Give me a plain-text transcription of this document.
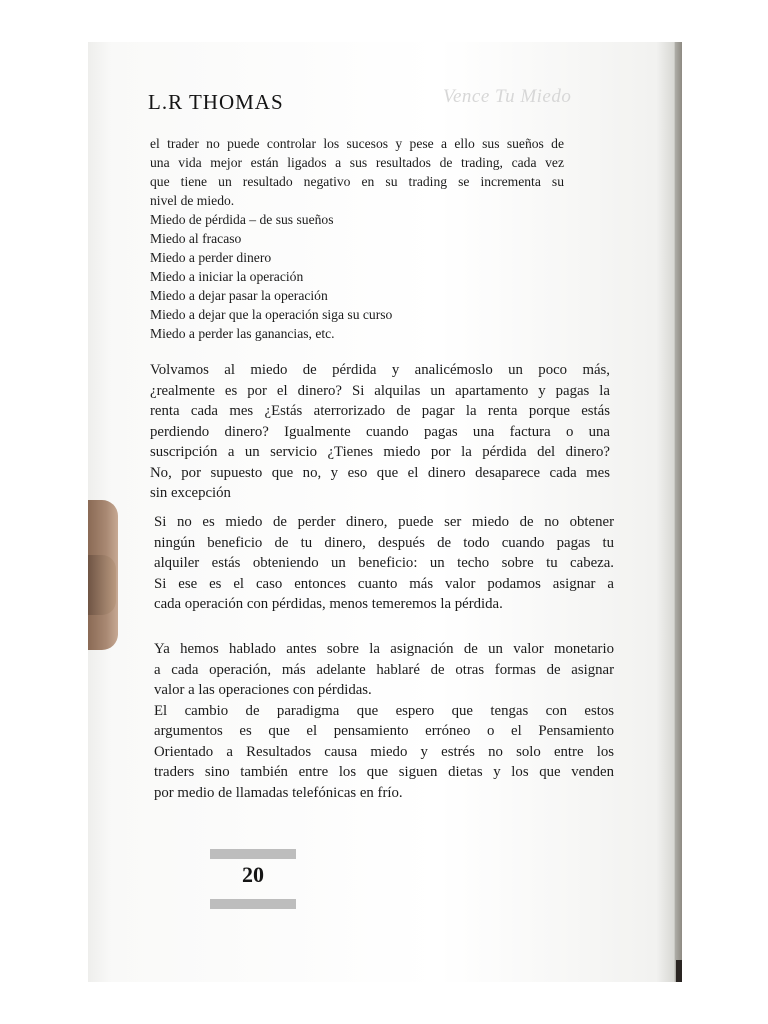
Vence Tu Miedo
L.R THOMAS
el trader no puede controlar los sucesos y pese a ello sus sueños de
una vida mejor están ligados a sus resultados de trading, cada vez
que tiene un resultado negativo en su trading se incrementa su
nivel de miedo.
Miedo de pérdida – de sus sueños
Miedo al fracaso
Miedo a perder dinero
Miedo a iniciar la operación
Miedo a dejar pasar la operación
Miedo a dejar que la operación siga su curso
Miedo a perder las ganancias, etc.
Volvamos al miedo de pérdida y analicémoslo un poco más,
¿realmente es por el dinero? Si alquilas un apartamento y pagas la
renta cada mes ¿Estás aterrorizado de pagar la renta porque estás
perdiendo dinero? Igualmente cuando pagas una factura o una
suscripción a un servicio ¿Tienes miedo por la pérdida del dinero?
No, por supuesto que no, y eso que el dinero desaparece cada mes
sin excepción
Si no es miedo de perder dinero, puede ser miedo de no obtener
ningún beneficio de tu dinero, después de todo cuando pagas tu
alquiler estás obteniendo un beneficio: un techo sobre tu cabeza.
Si ese es el caso entonces cuanto más valor podamos asignar a
cada operación con pérdidas, menos temeremos la pérdida.
Ya hemos hablado antes sobre la asignación de un valor monetario
a cada operación, más adelante hablaré de otras formas de asignar
valor a las operaciones con pérdidas.
El cambio de paradigma que espero que tengas con estos
argumentos es que el pensamiento erróneo o el Pensamiento
Orientado a Resultados causa miedo y estrés no solo entre los
traders sino también entre los que siguen dietas y los que venden
por medio de llamadas telefónicas en frío.
20
